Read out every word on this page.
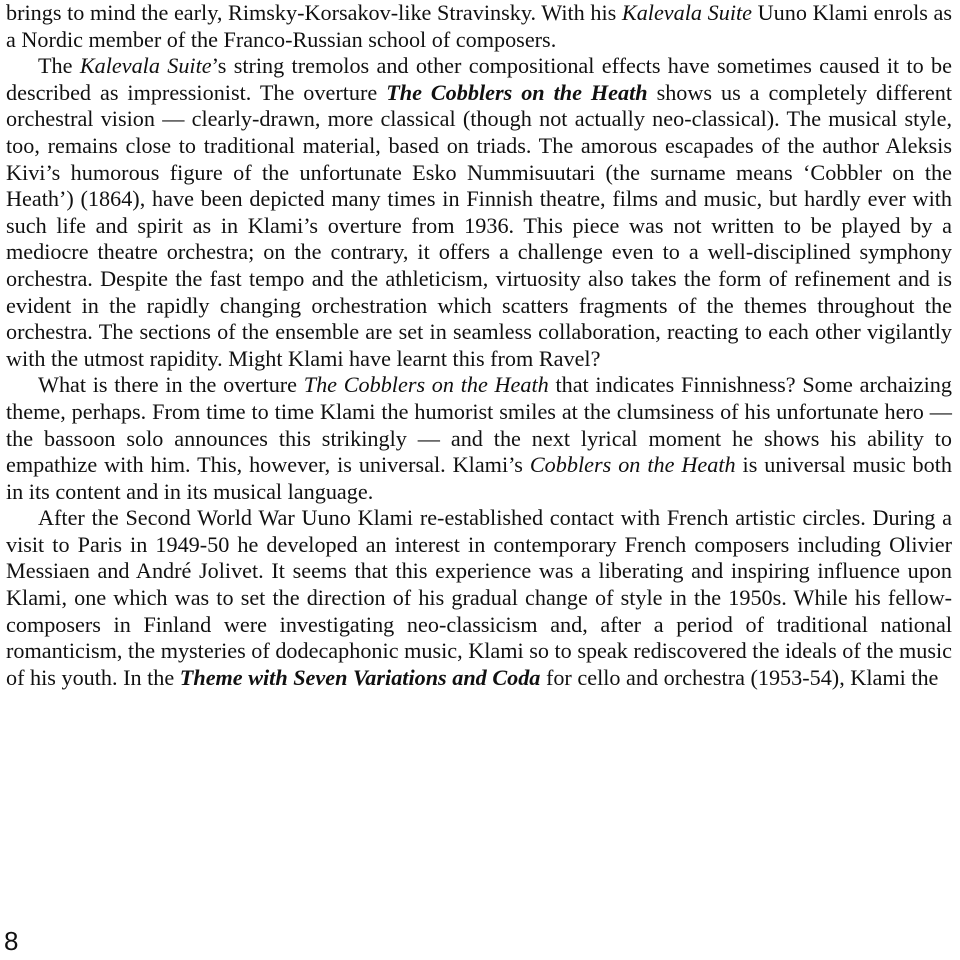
brings to mind the early, Rimsky-Korsakov-like Stravinsky. With his Kalevala Suite Uuno Klami enrols as a Nordic member of the Franco-Russian school of composers.

The Kalevala Suite’s string tremolos and other compositional effects have sometimes caused it to be described as impressionist. The overture The Cobblers on the Heath shows us a completely different orchestral vision — clearly-drawn, more classical (though not actually neo-classical). The musical style, too, remains close to traditional material, based on triads. The amorous escapades of the author Aleksis Kivi’s humorous figure of the unfortunate Esko Nummisuutari (the surname means ‘Cobbler on the Heath’) (1864), have been depicted many times in Finnish theatre, films and music, but hardly ever with such life and spirit as in Klami’s overture from 1936. This piece was not written to be played by a mediocre theatre orchestra; on the contrary, it offers a challenge even to a well-disciplined symphony orchestra. Despite the fast tempo and the athleticism, virtuosity also takes the form of refinement and is evident in the rapidly changing orchestration which scatters fragments of the themes throughout the orchestra. The sections of the ensemble are set in seamless collaboration, reacting to each other vigilantly with the utmost rapidity. Might Klami have learnt this from Ravel?

What is there in the overture The Cobblers on the Heath that indicates Finnishness? Some archaizing theme, perhaps. From time to time Klami the humorist smiles at the clumsiness of his unfortunate hero — the bassoon solo announces this strikingly — and the next lyrical moment he shows his ability to empathize with him. This, however, is universal. Klami’s Cobblers on the Heath is universal music both in its content and in its musical language.

After the Second World War Uuno Klami re-established contact with French artistic circles. During a visit to Paris in 1949-50 he developed an interest in contemporary French composers including Olivier Messiaen and André Jolivet. It seems that this experience was a liberating and inspiring influence upon Klami, one which was to set the direction of his gradual change of style in the 1950s. While his fellow-composers in Finland were investigating neo-classicism and, after a period of traditional national romanticism, the mysteries of dodecaphonic music, Klami so to speak rediscovered the ideals of the music of his youth. In the Theme with Seven Variations and Coda for cello and orchestra (1953-54), Klami the

8
